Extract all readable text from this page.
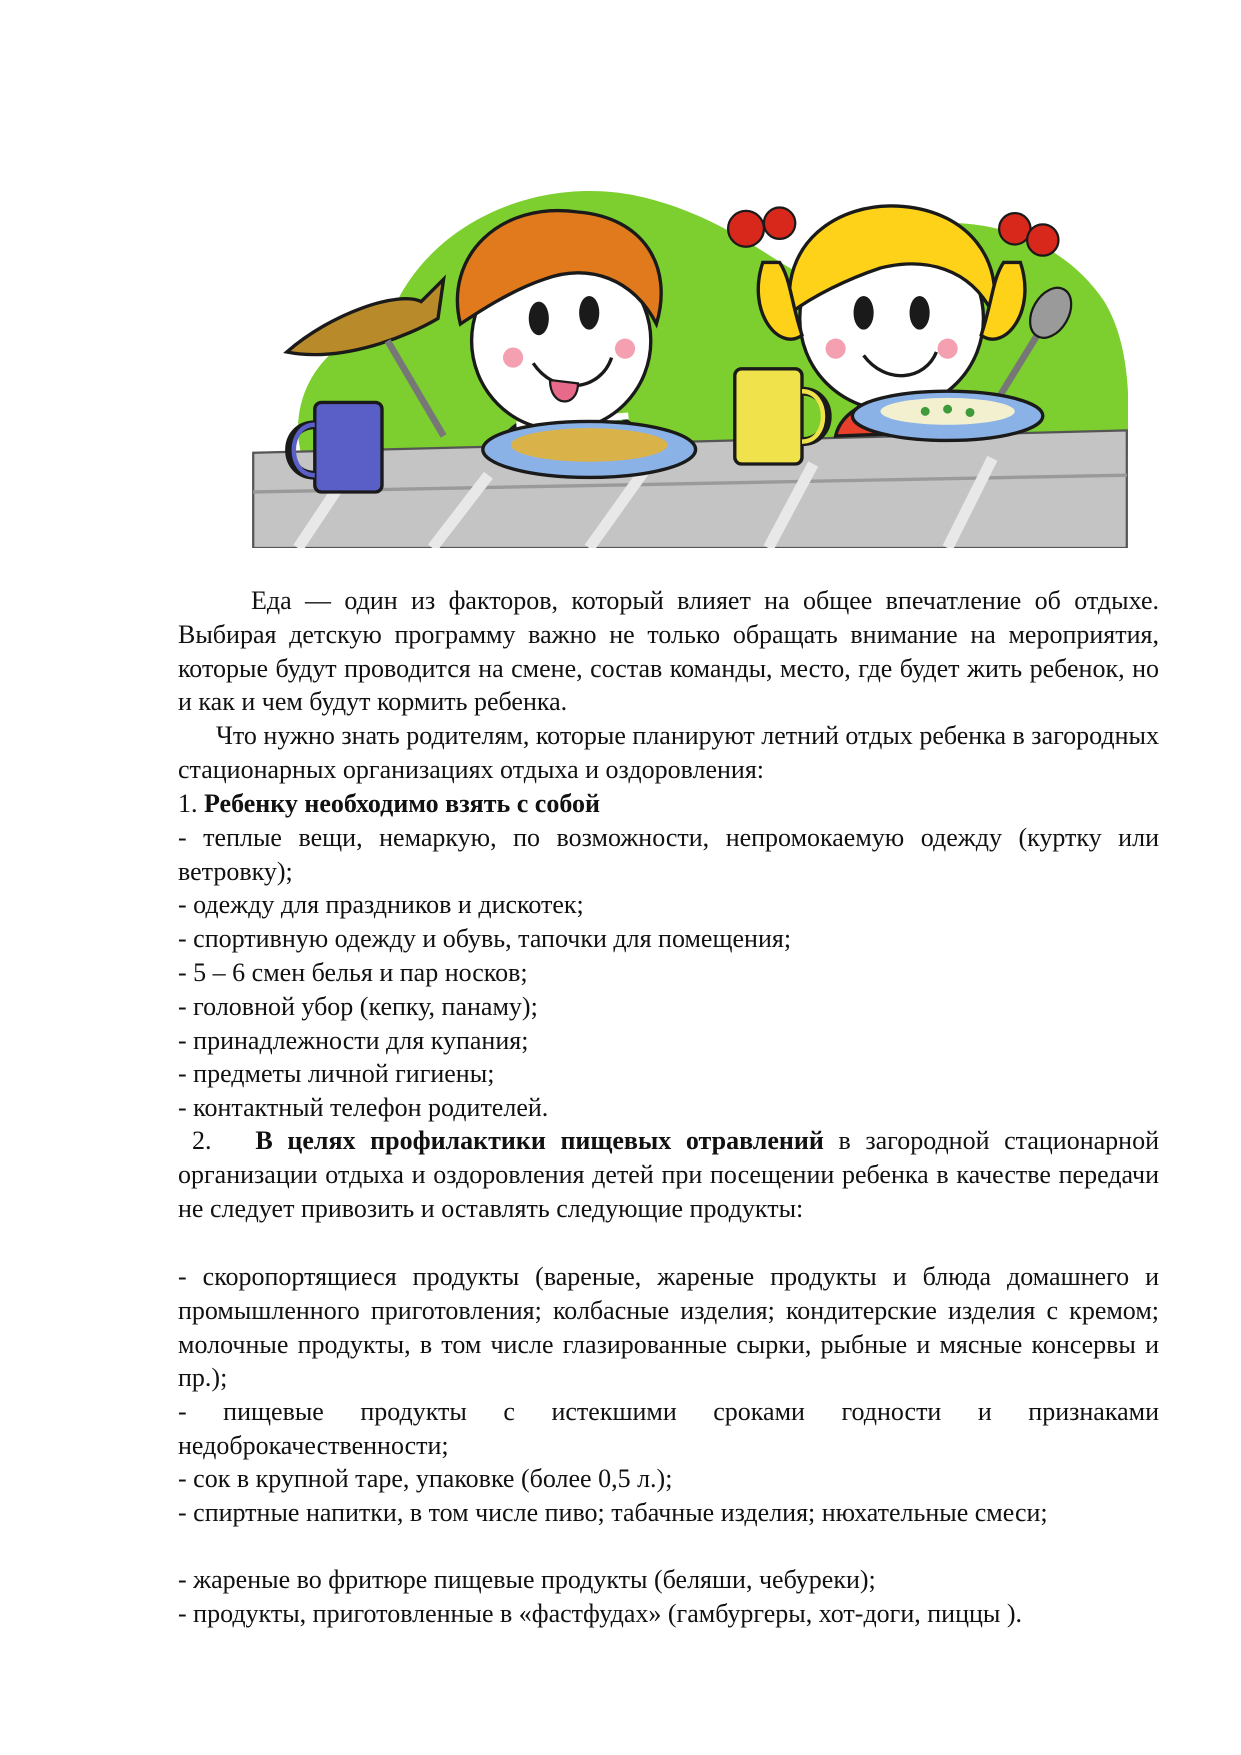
Еда — один из факторов, который влияет на общее впечатление об отдыхе. Выбирая детскую программу важно не только обращать внимание на мероприятия, которые будут проводится на смене, состав команды, место, где будет жить ребенок, но и как и чем будут кормить ребенка.

Что нужно знать родителям, которые планируют летний отдых ребенка в загородных стационарных организациях отдыха и оздоровления:

1. Ребенку необходимо взять с собой

- теплые вещи, немаркую, по возможности, непромокаемую одежду (куртку или ветровку);

- одежду для праздников и дискотек;

- спортивную одежду и обувь, тапочки для помещения;

- 5 – 6 смен белья и пар носков;

- головной убор (кепку, панаму);

- принадлежности для купания;

- предметы личной гигиены;

- контактный телефон родителей.

2. В целях профилактики пищевых отравлений в загородной стационарной организации отдыха и оздоровления детей при посещении ребенка в качестве передачи не следует привозить и оставлять следующие продукты:

- скоропортящиеся продукты (вареные, жареные продукты и блюда домашнего и промышленного приготовления; колбасные изделия; кондитерские изделия с кремом; молочные продукты, в том числе глазированные сырки, рыбные и мясные консервы и пр.);

- пищевые продукты с истекшими сроками годности и признаками недоброкачественности;

- сок в крупной таре, упаковке (более 0,5 л.);

- спиртные напитки, в том числе пиво; табачные изделия; нюхательные смеси;

- жареные во фритюре пищевые продукты (беляши, чебуреки);

- продукты, приготовленные в «фастфудах» (гамбургеры, хот-доги, пиццы ).
